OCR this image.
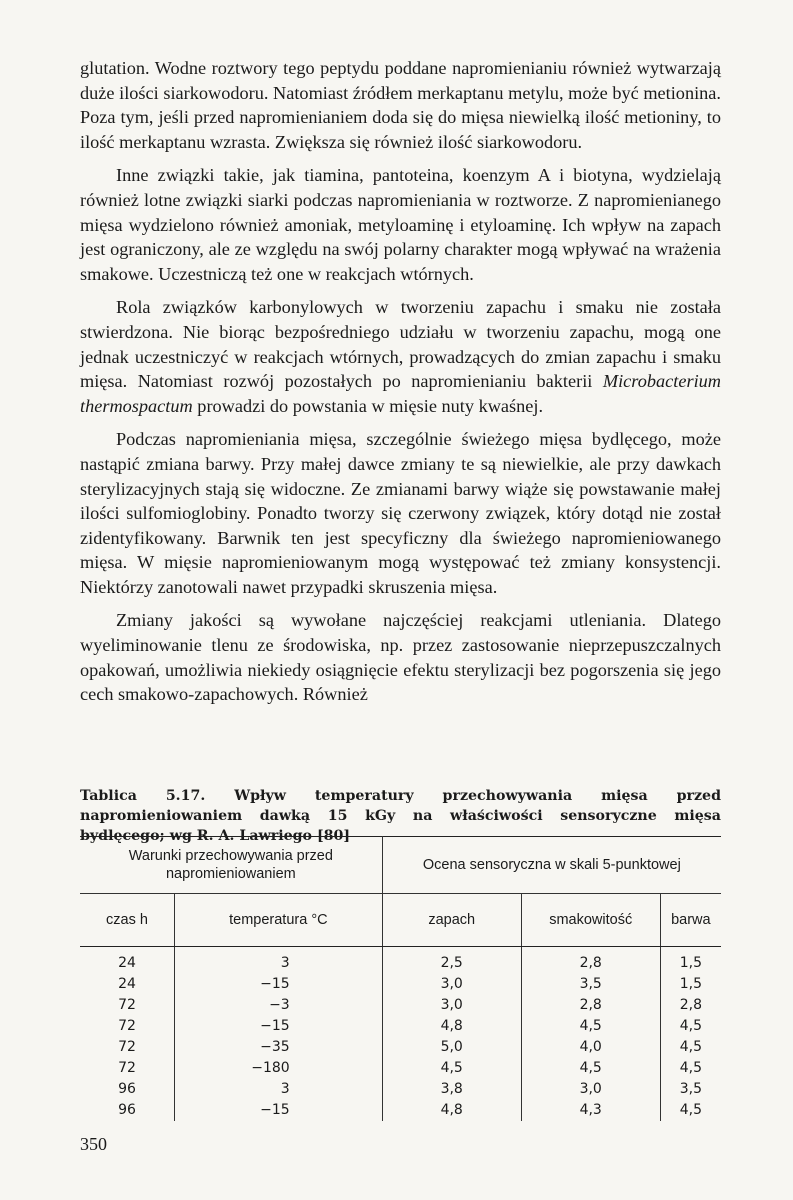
glutation. Wodne roztwory tego peptydu poddane napromienianiu również wytwarzają duże ilości siarkowodoru. Natomiast źródłem merkaptanu metylu, może być metionina. Poza tym, jeśli przed napromienianiem doda się do mięsa niewielką ilość metioniny, to ilość merkaptanu wzrasta. Zwiększa się również ilość siarkowodoru.

Inne związki takie, jak tiamina, pantoteina, koenzym A i biotyna, wydzielają również lotne związki siarki podczas napromieniania w roztworze. Z napromienianego mięsa wydzielono również amoniak, metyloaminę i etyloaminę. Ich wpływ na zapach jest ograniczony, ale ze względu na swój polarny charakter mogą wpływać na wrażenia smakowe. Uczestniczą też one w reakcjach wtórnych.

Rola związków karbonylowych w tworzeniu zapachu i smaku nie została stwierdzona. Nie biorąc bezpośredniego udziału w tworzeniu zapachu, mogą one jednak uczestniczyć w reakcjach wtórnych, prowadzących do zmian zapachu i smaku mięsa. Natomiast rozwój pozostałych po napromienianiu bakterii Microbacterium thermospactum prowadzi do powstania w mięsie nuty kwaśnej.

Podczas napromieniania mięsa, szczególnie świeżego mięsa bydlęcego, może nastąpić zmiana barwy. Przy małej dawce zmiany te są niewielkie, ale przy dawkach sterylizacyjnych stają się widoczne. Ze zmianami barwy wiąże się powstawanie małej ilości sulfomioglobiny. Ponadto tworzy się czerwony związek, który dotąd nie został zidentyfikowany. Barwnik ten jest specyficzny dla świeżego napromieniowanego mięsa. W mięsie napromieniowanym mogą występować też zmiany konsystencji. Niektórzy zanotowali nawet przypadki skruszenia mięsa.

Zmiany jakości są wywołane najczęściej reakcjami utleniania. Dlatego wyeliminowanie tlenu ze środowiska, np. przez zastosowanie nieprzepuszczalnych opakowań, umożliwia niekiedy osiągnięcie efektu sterylizacji bez pogorszenia się jego cech smakowo-zapachowych. Również

Tablica 5.17. Wpływ temperatury przechowywania mięsa przed napromieniowaniem dawką 15 kGy na właściwości sensoryczne mięsa bydlęcego; wg R. A. Lawriego [80]
Warunki przechowywania przed napromieniowaniem		Ocena sensoryczna w skali 5-punktowej		
czas h	temperatura °C	zapach	smakowitość	barwa
24	3	2,5	2,8	1,5
24	−15	3,0	3,5	1,5
72	−3	3,0	2,8	2,8
72	−15	4,8	4,5	4,5
72	−35	5,0	4,0	4,5
72	−180	4,5	4,5	4,5
96	3	3,8	3,0	3,5
96	−15	4,8	4,3	4,5
350
